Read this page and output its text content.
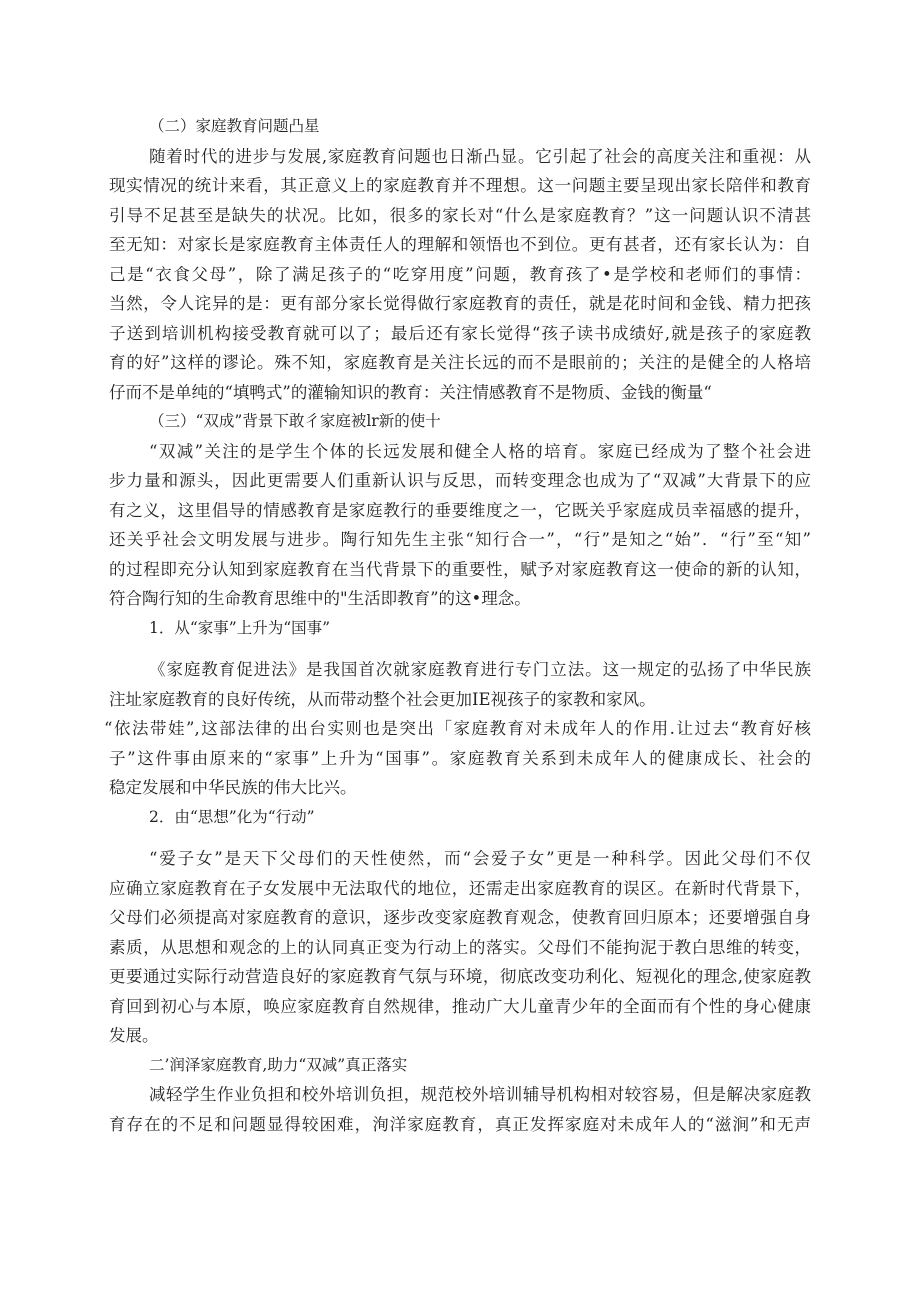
（二）家庭教育问题凸星
随着时代的进步与发展,家庭教育问题也日渐凸显。它引起了社会的高度关注和重视：从
现实情况的统计来看，其正意义上的家庭教育并不理想。这一问题主要呈现出家长陪伴和教育
引导不足甚至是缺失的状况。比如，很多的家长对“什么是家庭教育？”这一问题认识不清甚
至无知：对家长是家庭教育主体责任人的理解和领悟也不到位。更有甚者，还有家长认为：自
己是“衣食父母”，除了满足孩子的“吃穿用度”问题，教育孩了•是学校和老师们的事情：
当然，令人诧异的是：更有部分家长觉得做行家庭教育的责任，就是花时间和金钱、精力把孩
子送到培训机构接受教育就可以了；最后还有家长觉得“孩子读书成绩好,就是孩子的家庭教
育的好”这样的谬论。殊不知，家庭教育是关注长远的而不是眼前的；关注的是健全的人格培
仔而不是单纯的“填鸭式”的灌输知识的教育：关注情感教育不是物质、金钱的衡量“
（三）“双成”背景下敢彳家庭被lr新的使十
“双减”关注的是学生个体的长远发展和健全人格的培育。家庭已经成为了整个社会进
步力量和源头，因此更需要人们重新认识与反思，而转变理念也成为了“双减”大背景下的应
有之义，这里倡导的情感教育是家庭教行的垂要维度之一，它既关乎家庭成员幸福感的提升，
还关乎社会文明发展与进步。陶行知先生主张“知行合一”，“行”是知之“始”．“行”至“知”
的过程即充分认知到家庭教育在当代背景下的重要性，赋予对家庭教育这一使命的新的认知，
符合陶行知的生命教育思维中的"生活即教育”的这•理念。
1．从“家事”上升为“国事”
《家庭教育促进法》是我国首次就家庭教育进行专门立法。这一规定的弘扬了中华民族
注址家庭教育的良好传统，从而带动整个社会更加IE视孩子的家教和家风。
“依法带娃”,这部法律的出台实则也是突出「家庭教育对未成年人的作用.让过去“教育好核
子”这件事由原来的“家事”上升为“国事”。家庭教育关系到未成年人的健康成长、社会的
稳定发展和中华民族的伟大比兴。
2．由“思想”化为“行动”
“爱子女”是天下父母们的天性使然，而“会爱子女”更是一种科学。因此父母们不仅
应确立家庭教育在子女发展中无法取代的地位，还需走出家庭教育的误区。在新时代背景下，
父母们必须提高对家庭教育的意识，逐步改变家庭教育观念，使教育回归原本；还要增强自身
素质，从思想和观念的上的认同真正变为行动上的落实。父母们不能拘泥于教白思维的转变，
更要通过实际行动营造良好的家庭教育气氛与环境，彻底改变功利化、短视化的理念,使家庭教
育回到初心与本原，唤应家庭教育自然规律，推动广大儿童青少年的全面而有个性的身心健康
发展。
二’润泽家庭教育,助力“双减”真正落实
减轻学生作业负担和校外培训负担，规范校外培训辅导机构相对较容易，但是解决家庭教
育存在的不足和问题显得较困难，洵洋家庭教育，真正发挥家庭对未成年人的“滋涧”和无声
